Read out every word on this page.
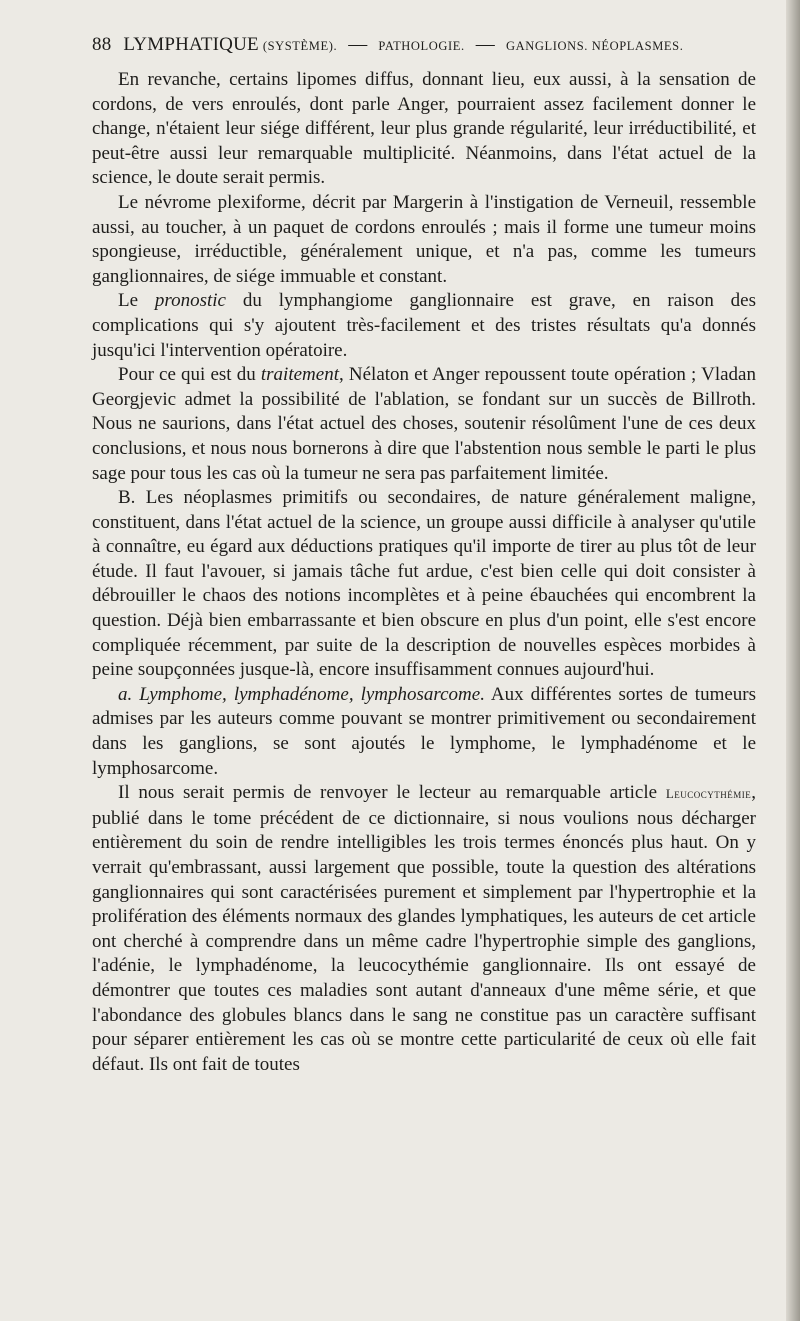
88 LYMPHATIQUE (SYSTÈME). — PATHOLOGIE. — GANGLIONS. NÉOPLASMES.

En revanche, certains lipomes diffus, donnant lieu, eux aussi, à la sensation de cordons, de vers enroulés, dont parle Anger, pourraient assez facilement donner le change, n'étaient leur siége différent, leur plus grande régularité, leur irréductibilité, et peut-être aussi leur remarquable multiplicité. Néanmoins, dans l'état actuel de la science, le doute serait permis.

Le névrome plexiforme, décrit par Margerin à l'instigation de Verneuil, ressemble aussi, au toucher, à un paquet de cordons enroulés ; mais il forme une tumeur moins spongieuse, irréductible, généralement unique, et n'a pas, comme les tumeurs ganglionnaires, de siége immuable et constant.

Le pronostic du lymphangiome ganglionnaire est grave, en raison des complications qui s'y ajoutent très-facilement et des tristes résultats qu'a donnés jusqu'ici l'intervention opératoire.

Pour ce qui est du traitement, Nélaton et Anger repoussent toute opération ; Vladan Georgjevic admet la possibilité de l'ablation, se fondant sur un succès de Billroth. Nous ne saurions, dans l'état actuel des choses, soutenir résolûment l'une de ces deux conclusions, et nous nous bornerons à dire que l'abstention nous semble le parti le plus sage pour tous les cas où la tumeur ne sera pas parfaitement limitée.

B. Les néoplasmes primitifs ou secondaires, de nature généralement maligne, constituent, dans l'état actuel de la science, un groupe aussi difficile à analyser qu'utile à connaître, eu égard aux déductions pratiques qu'il importe de tirer au plus tôt de leur étude. Il faut l'avouer, si jamais tâche fut ardue, c'est bien celle qui doit consister à débrouiller le chaos des notions incomplètes et à peine ébauchées qui encombrent la question. Déjà bien embarrassante et bien obscure en plus d'un point, elle s'est encore compliquée récemment, par suite de la description de nouvelles espèces morbides à peine soupçonnées jusque-là, encore insuffisamment connues aujourd'hui.

a. Lymphome, lymphadénome, lymphosarcome. Aux différentes sortes de tumeurs admises par les auteurs comme pouvant se montrer primitivement ou secondairement dans les ganglions, se sont ajoutés le lymphome, le lymphadénome et le lymphosarcome.

Il nous serait permis de renvoyer le lecteur au remarquable article Leucocythémie, publié dans le tome précédent de ce dictionnaire, si nous voulions nous décharger entièrement du soin de rendre intelligibles les trois termes énoncés plus haut. On y verrait qu'embrassant, aussi largement que possible, toute la question des altérations ganglionnaires qui sont caractérisées purement et simplement par l'hypertrophie et la prolifération des éléments normaux des glandes lymphatiques, les auteurs de cet article ont cherché à comprendre dans un même cadre l'hypertrophie simple des ganglions, l'adénie, le lymphadénome, la leucocythémie ganglionnaire. Ils ont essayé de démontrer que toutes ces maladies sont autant d'anneaux d'une même série, et que l'abondance des globules blancs dans le sang ne constitue pas un caractère suffisant pour séparer entièrement les cas où se montre cette particularité de ceux où elle fait défaut. Ils ont fait de toutes
